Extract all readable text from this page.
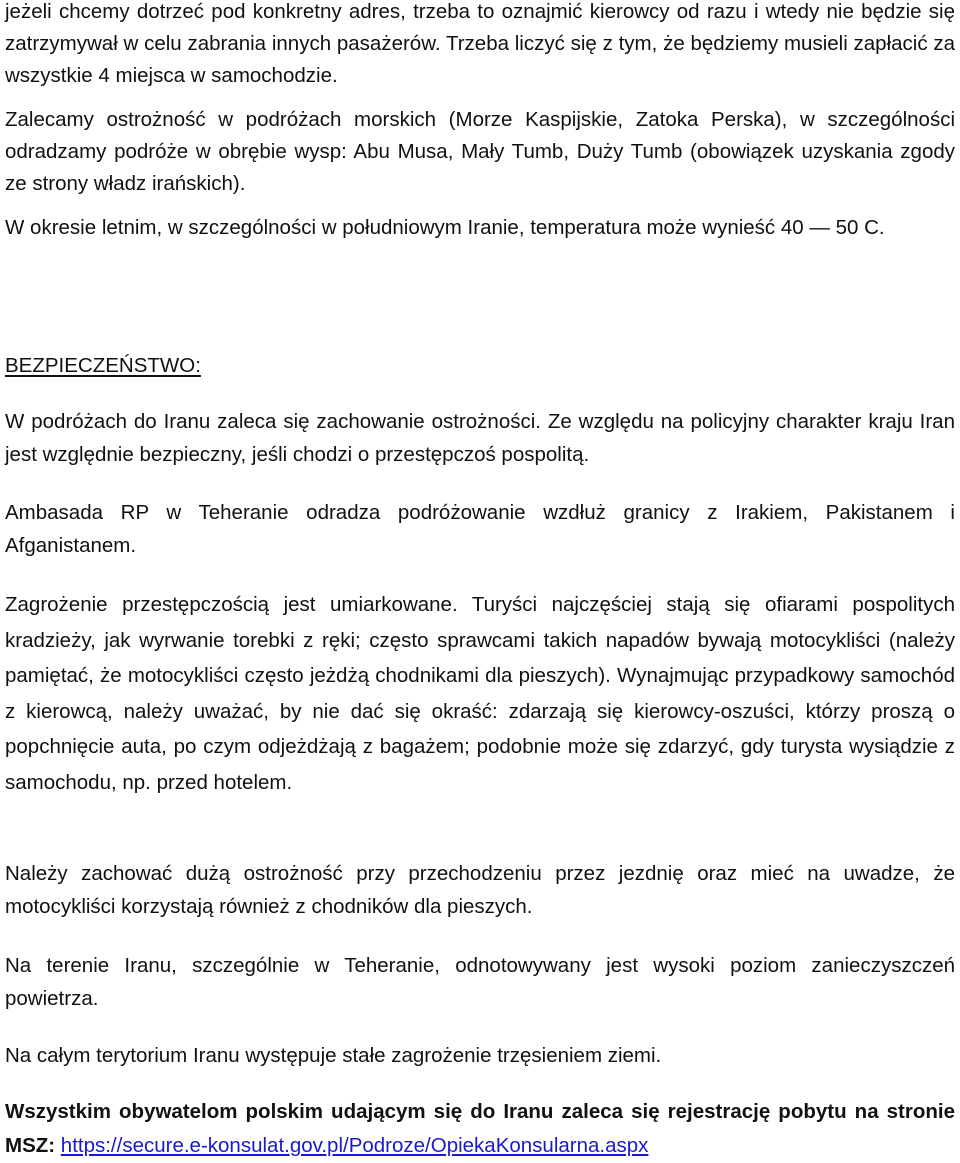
jeżeli chcemy dotrzeć pod konkretny adres, trzeba to oznajmić kierowcy od razu i wtedy nie będzie się zatrzymywał w celu zabrania innych pasażerów. Trzeba liczyć się z tym, że będziemy musieli zapłacić za wszystkie 4 miejsca w samochodzie.

Zalecamy ostrożność w podróżach morskich (Morze Kaspijskie, Zatoka Perska), w szczególności odradzamy podróże w obrębie wysp: Abu Musa, Mały Tumb, Duży Tumb (obowiązek uzyskania zgody ze strony władz irańskich).

W okresie letnim, w szczególności w południowym Iranie, temperatura może wynieść 40 — 50 C.

BEZPIECZEŃSTWO:

W podróżach do Iranu zaleca się zachowanie ostrożności. Ze względu na policyjny charakter kraju Iran jest względnie bezpieczny, jeśli chodzi o przestępczoś pospolitą.

Ambasada RP w Teheranie odradza podróżowanie wzdłuż granicy z Irakiem, Pakistanem i Afganistanem.

Zagrożenie przestępczością jest umiarkowane. Turyści najczęściej stają się ofiarami pospolitych kradzieży, jak wyrwanie torebki z ręki; często sprawcami takich napadów bywają motocykliści (należy pamiętać, że motocykliści często jeżdżą chodnikami dla pieszych). Wynajmując przypadkowy samochód z kierowcą, należy uważać, by nie dać się okraść: zdarzają się kierowcy-oszuści, którzy proszą o popchnięcie auta, po czym odjeżdżają z bagażem; podobnie może się zdarzyć, gdy turysta wysiądzie z samochodu, np. przed hotelem.

Należy zachować dużą ostrożność przy przechodzeniu przez jezdnię oraz mieć na uwadze, że motocykliści korzystają również z chodników dla pieszych.

Na terenie Iranu, szczególnie w Teheranie, odnotowywany jest wysoki poziom zanieczyszczeń powietrza.

Na całym terytorium Iranu występuje stałe zagrożenie trzęsieniem ziemi.

Wszystkim obywatelom polskim udającym się do Iranu zaleca się rejestrację pobytu na stronie MSZ: https://secure.e-konsulat.gov.pl/Podroze/OpiekaKonsularna.aspx
